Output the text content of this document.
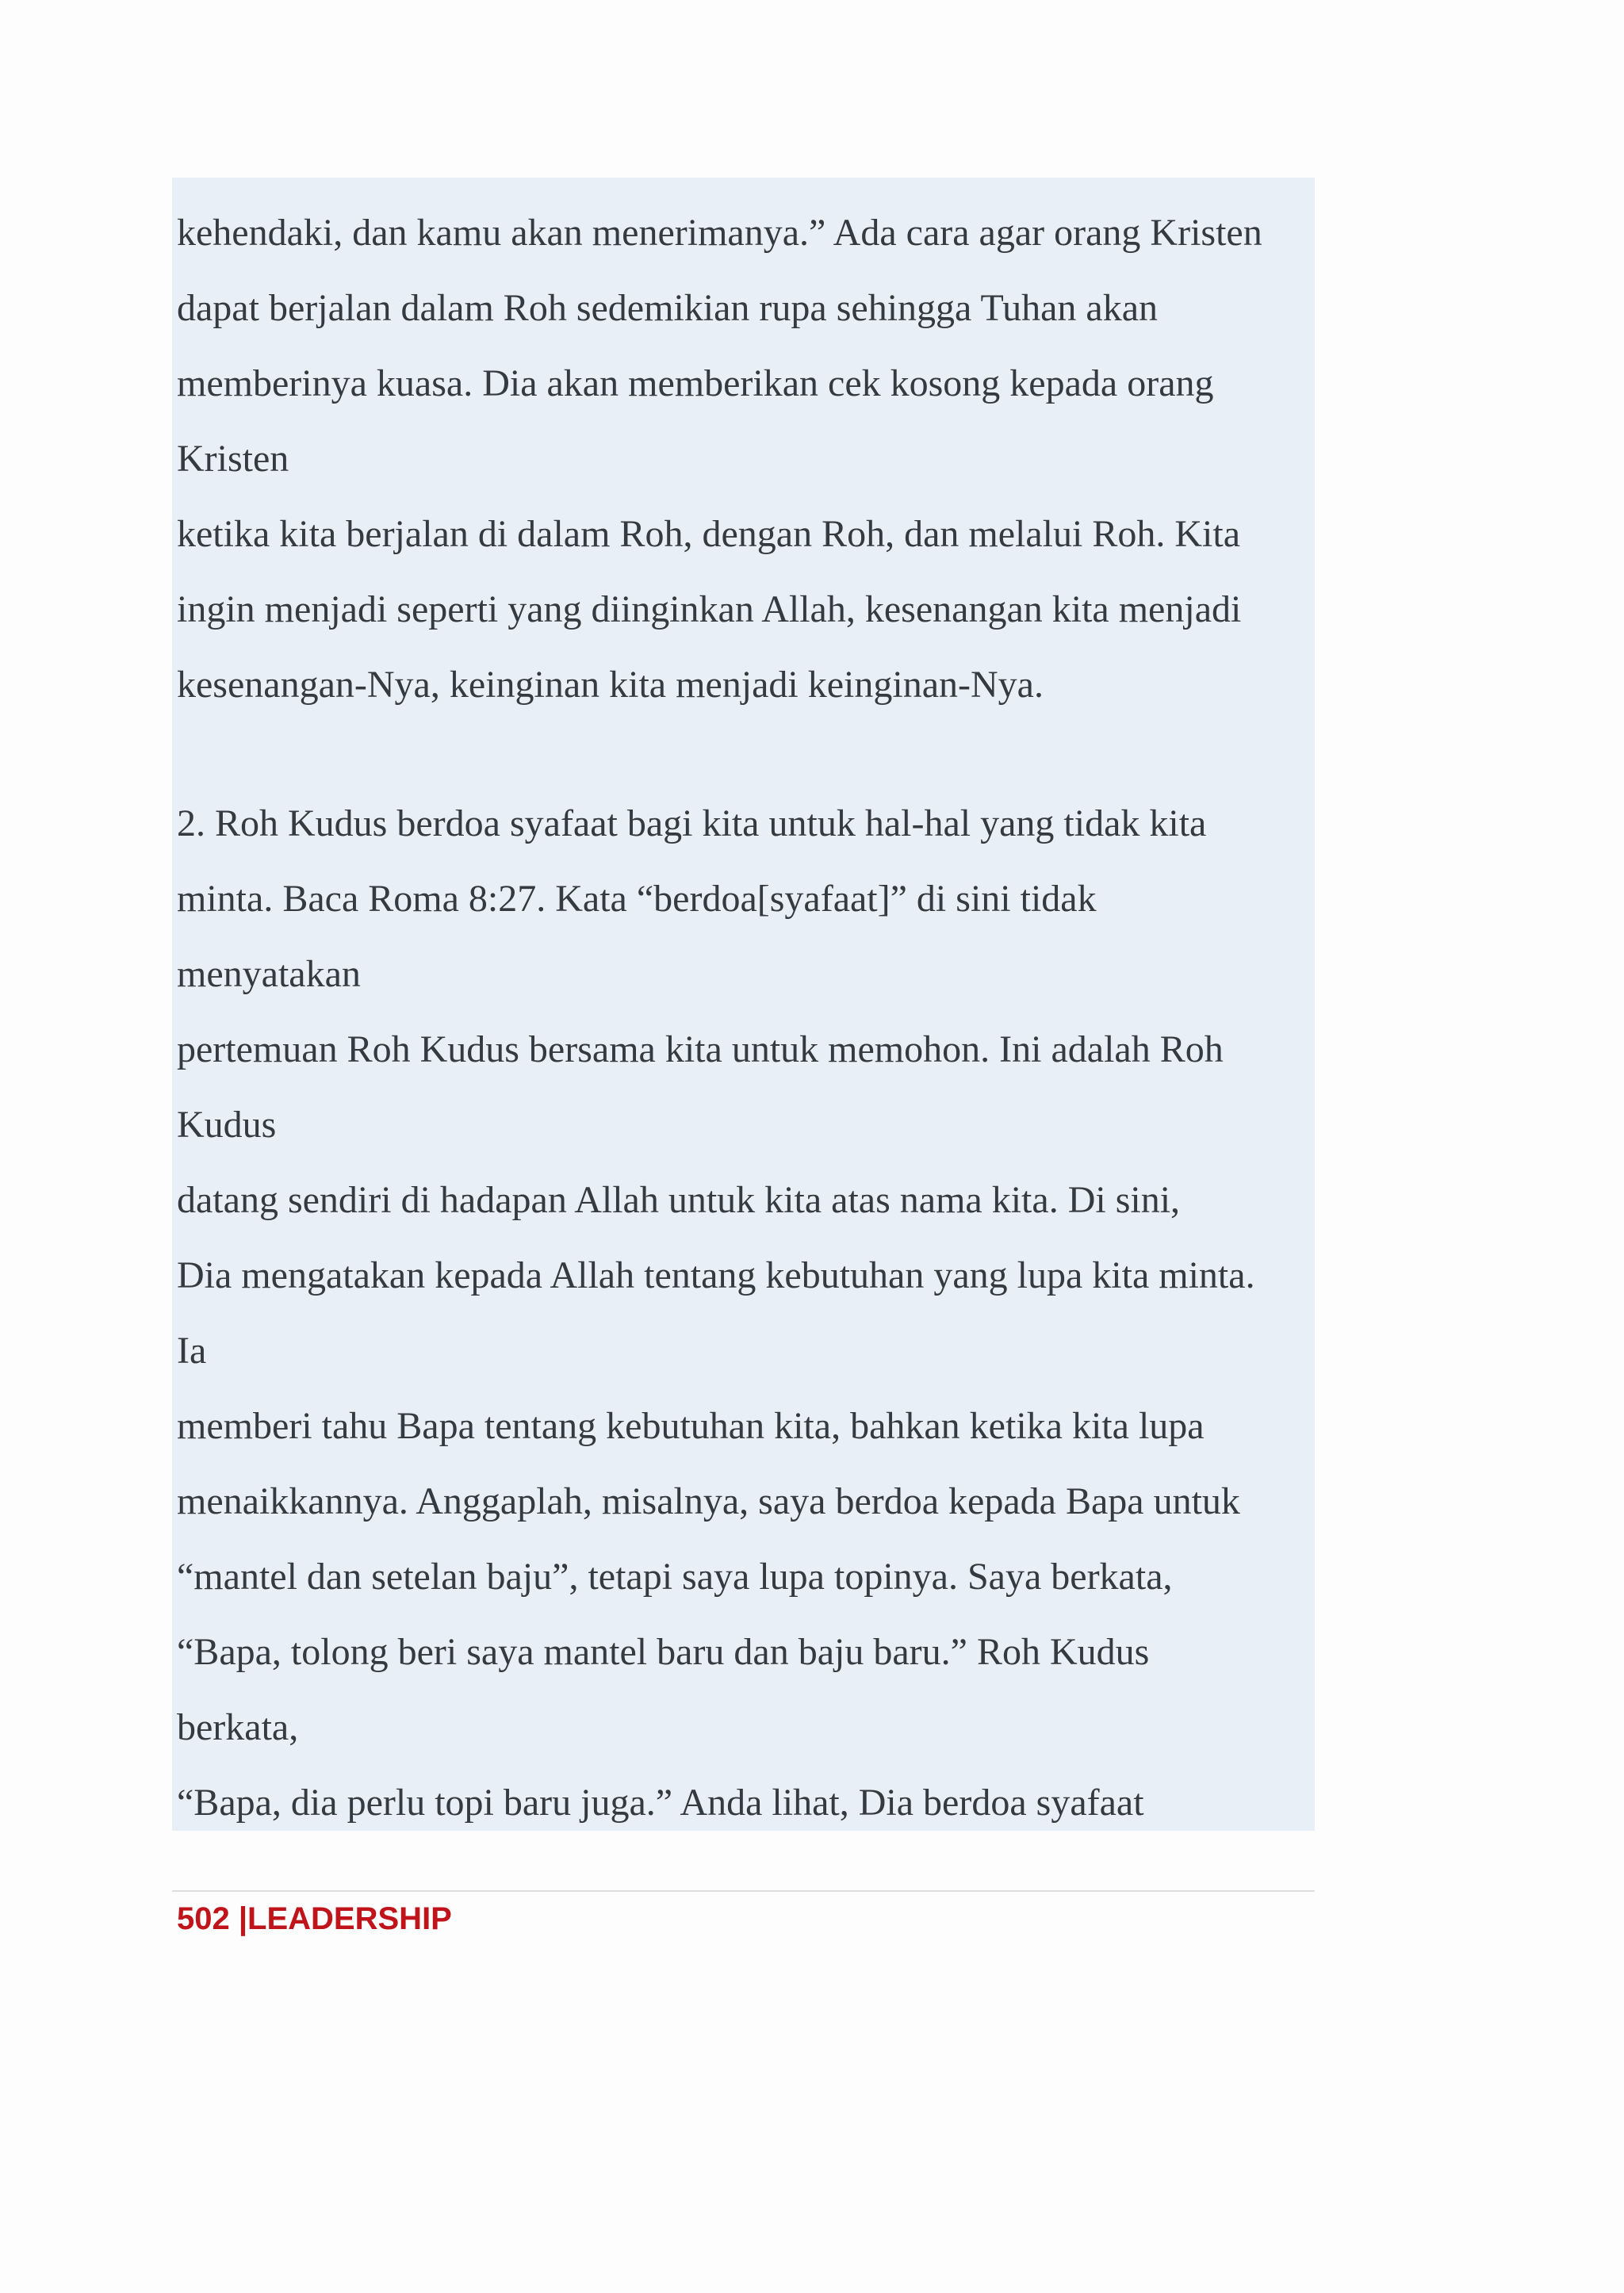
kehendaki, dan kamu akan menerimanya.” Ada cara agar orang Kristen
dapat berjalan dalam Roh sedemikian rupa sehingga Tuhan akan
memberinya kuasa. Dia akan memberikan cek kosong kepada orang
Kristen
ketika kita berjalan di dalam Roh, dengan Roh, dan melalui Roh. Kita
ingin menjadi seperti yang diinginkan Allah, kesenangan kita menjadi
kesenangan-Nya, keinginan kita menjadi keinginan-Nya.
2. Roh Kudus berdoa syafaat bagi kita untuk hal-hal yang tidak kita
minta. Baca Roma 8:27. Kata “berdoa[syafaat]” di sini tidak
menyatakan
pertemuan Roh Kudus bersama kita untuk memohon. Ini adalah Roh
Kudus
datang sendiri di hadapan Allah untuk kita atas nama kita. Di sini,
Dia mengatakan kepada Allah tentang kebutuhan yang lupa kita minta.
Ia
memberi tahu Bapa tentang kebutuhan kita, bahkan ketika kita lupa
menaikkannya. Anggaplah, misalnya, saya berdoa kepada Bapa untuk
“mantel dan setelan baju”, tetapi saya lupa topinya. Saya berkata,
“Bapa, tolong beri saya mantel baru dan baju baru.” Roh Kudus
berkata,
“Bapa, dia perlu topi baru juga.” Anda lihat, Dia berdoa syafaat
502 |LEADERSHIP
